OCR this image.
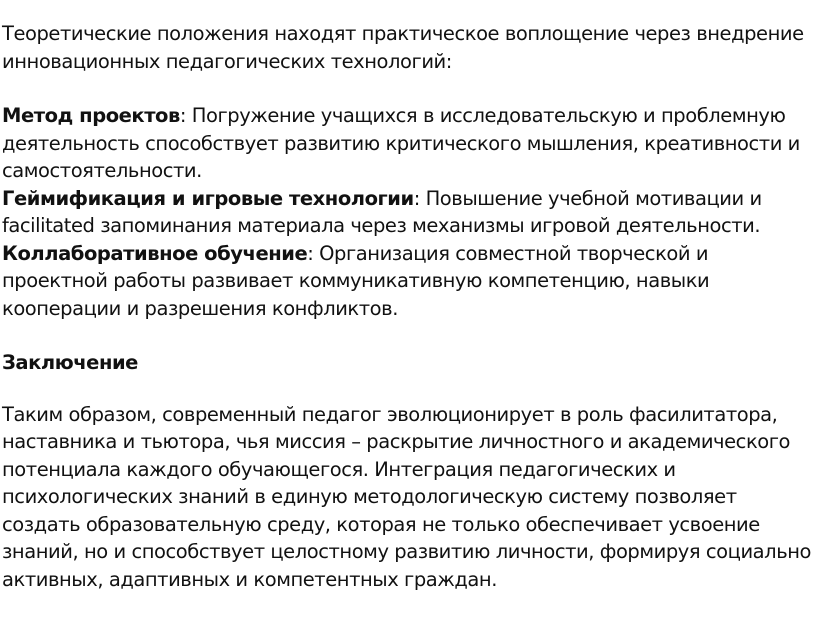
Теоретические положения находят практическое воплощение через внедрение инновационных педагогических технологий:

Метод проектов: Погружение учащихся в исследовательскую и проблемную деятельность способствует развитию критического мышления, креативности и самостоятельности.

Геймификация и игровые технологии: Повышение учебной мотивации и facilitated запоминания материала через механизмы игровой деятельности.

Коллаборативное обучение: Организация совместной творческой и проектной работы развивает коммуникативную компетенцию, навыки кооперации и разрешения конфликтов.

Заключение

Таким образом, современный педагог эволюционирует в роль фасилитатора, наставника и тьютора, чья миссия – раскрытие личностного и академического потенциала каждого обучающегося. Интеграция педагогических и психологических знаний в единую методологическую систему позволяет создать образовательную среду, которая не только обеспечивает усвоение знаний, но и способствует целостному развитию личности, формируя социально активных, адаптивных и компетентных граждан.
